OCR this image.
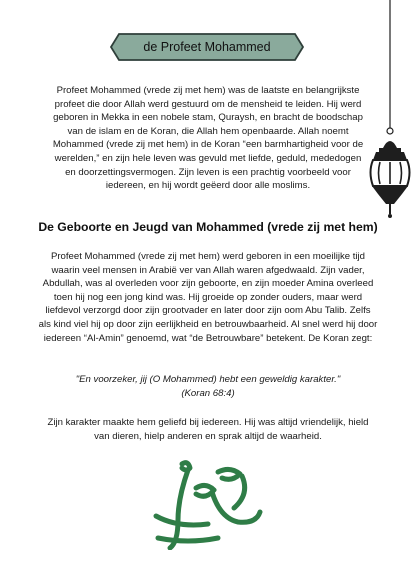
de Profeet Mohammed

Profeet Mohammed (vrede zij met hem) was de laatste en belangrijkste profeet die door Allah werd gestuurd om de mensheid te leiden. Hij werd geboren in Mekka in een nobele stam, Quraysh, en bracht de boodschap van de islam en de Koran, die Allah hem openbaarde. Allah noemt Mohammed (vrede zij met hem) in de Koran “een barmhartigheid voor de werelden,” en zijn hele leven was gevuld met liefde, geduld, mededogen en doorzettingsvermogen. Zijn leven is een prachtig voorbeeld voor iedereen, en hij wordt geëerd door alle moslims.

De Geboorte en Jeugd van Mohammed (vrede zij met hem)

Profeet Mohammed (vrede zij met hem) werd geboren in een moeilijke tijd waarin veel mensen in Arabië ver van Allah waren afgedwaald. Zijn vader, Abdullah, was al overleden voor zijn geboorte, en zijn moeder Amina overleed toen hij nog een jong kind was. Hij groeide op zonder ouders, maar werd liefdevol verzorgd door zijn grootvader en later door zijn oom Abu Talib. Zelfs als kind viel hij op door zijn eerlijkheid en betrouwbaarheid. Al snel werd hij door iedereen “Al-Amin” genoemd, wat “de Betrouwbare” betekent. De Koran zegt:

"En voorzeker, jij (O Mohammed) hebt een geweldig karakter."
(Koran 68:4)

Zijn karakter maakte hem geliefd bij iedereen. Hij was altijd vriendelijk, hield van dieren, hielp anderen en sprak altijd de waarheid.

محمد
